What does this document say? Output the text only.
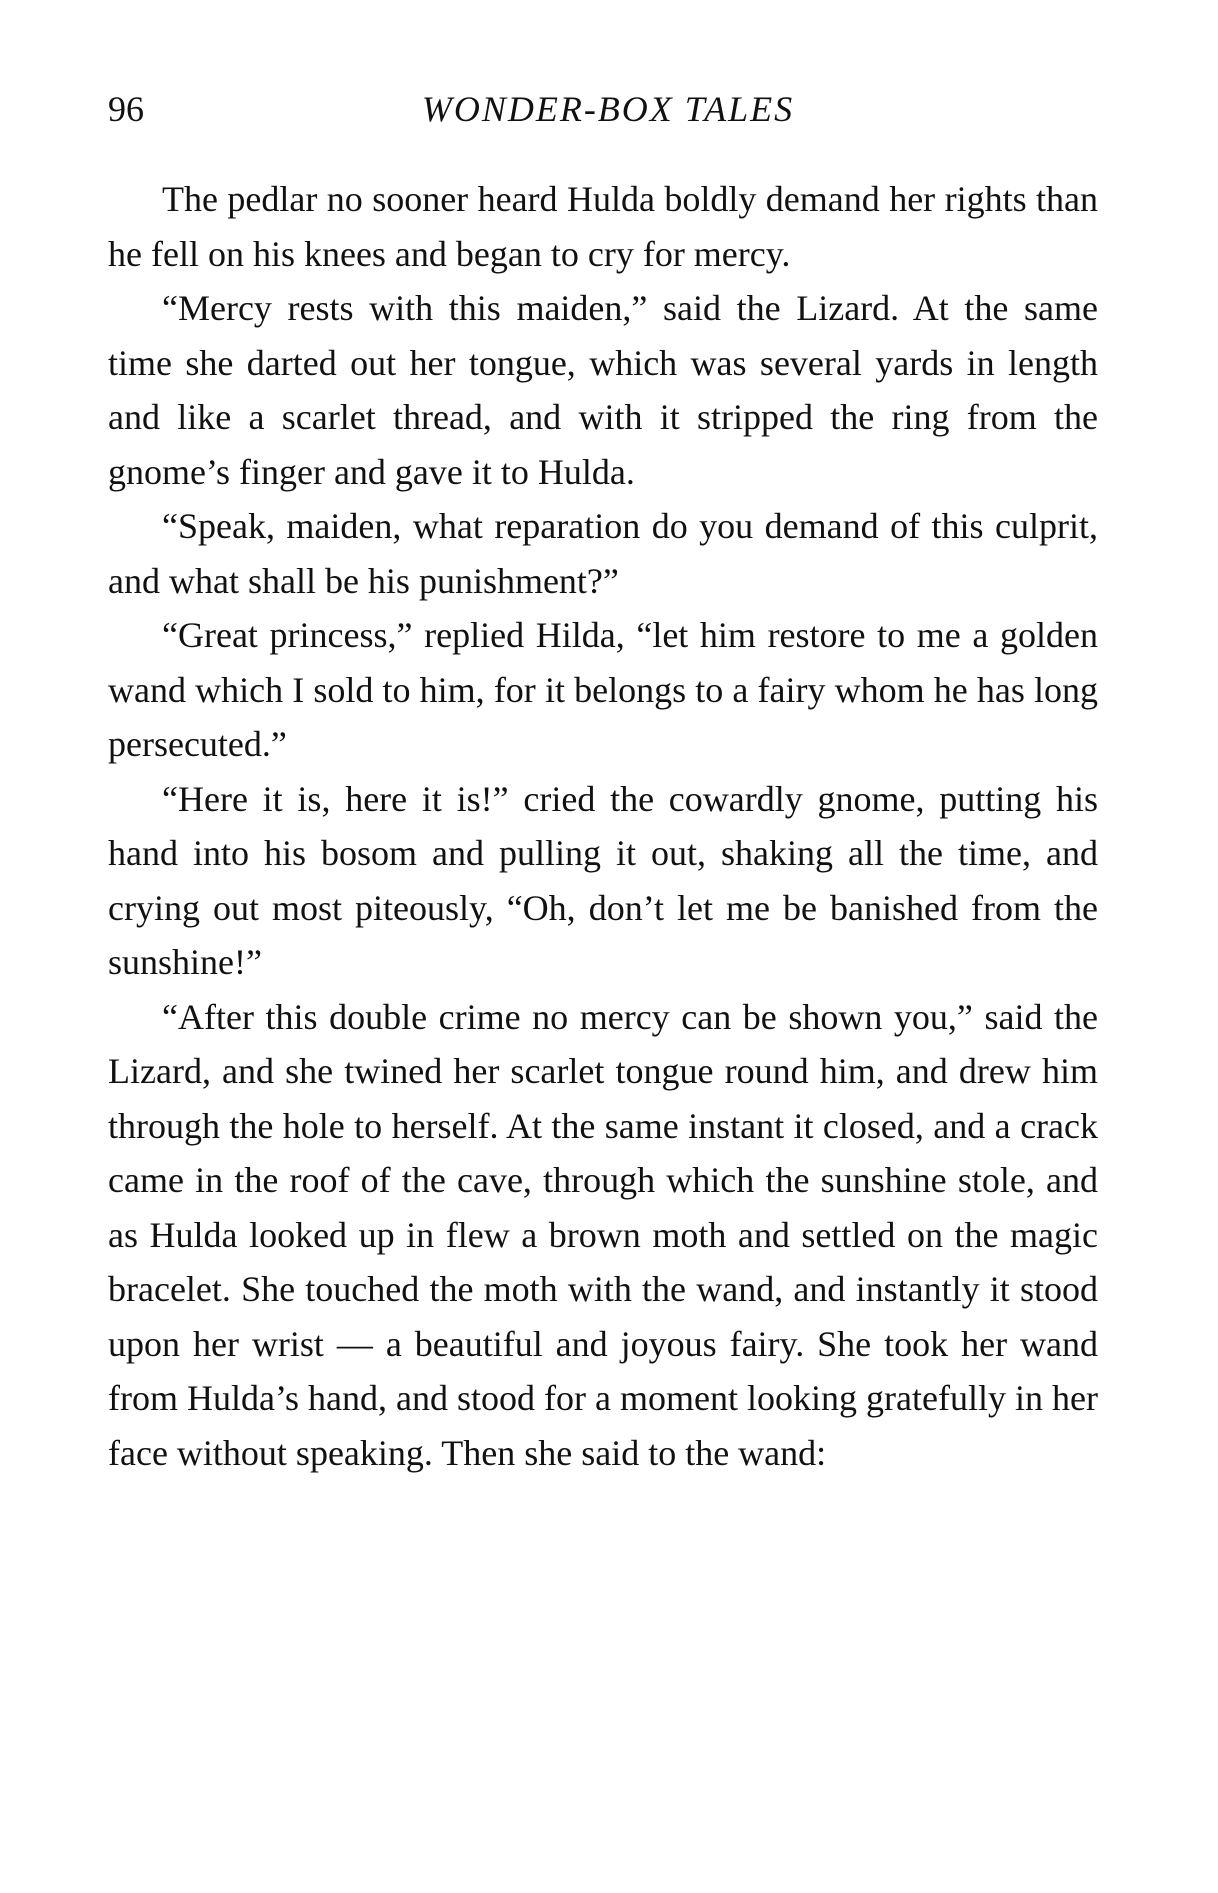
96	WONDER-BOX TALES

The pedlar no sooner heard Hulda boldly demand her rights than he fell on his knees and began to cry for mercy.

“Mercy rests with this maiden,” said the Lizard. At the same time she darted out her tongue, which was several yards in length and like a scarlet thread, and with it stripped the ring from the gnome’s finger and gave it to Hulda.

“Speak, maiden, what reparation do you demand of this culprit, and what shall be his punishment?”

“Great princess,” replied Hilda, “let him restore to me a golden wand which I sold to him, for it belongs to a fairy whom he has long persecuted.”

“Here it is, here it is!” cried the cowardly gnome, putting his hand into his bosom and pulling it out, shaking all the time, and crying out most piteously, “Oh, don’t let me be banished from the sunshine!”

“After this double crime no mercy can be shown you,” said the Lizard, and she twined her scarlet tongue round him, and drew him through the hole to herself. At the same instant it closed, and a crack came in the roof of the cave, through which the sunshine stole, and as Hulda looked up in flew a brown moth and settled on the magic bracelet. She touched the moth with the wand, and instantly it stood upon her wrist — a beautiful and joyous fairy. She took her wand from Hulda’s hand, and stood for a moment looking gratefully in her face without speaking. Then she said to the wand:
